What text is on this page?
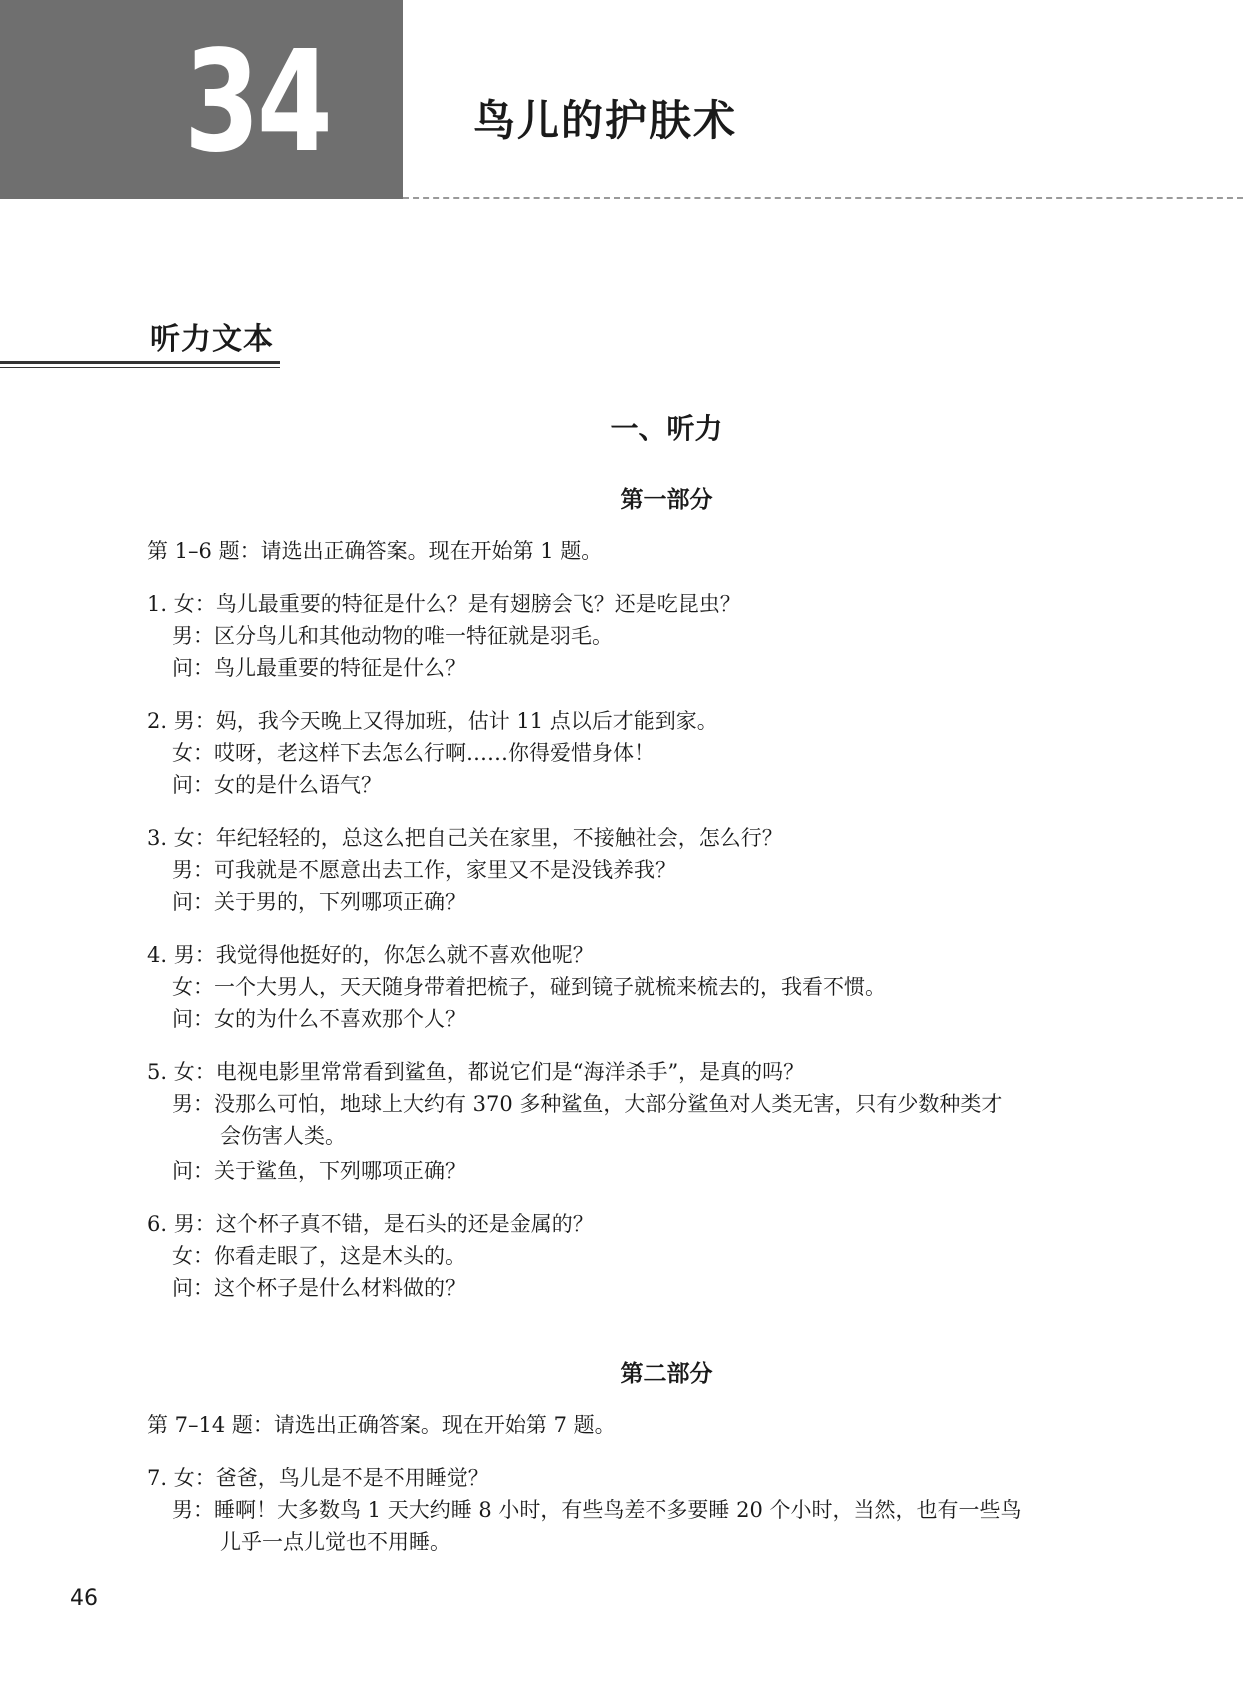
34	鸟儿的护肤术
听力文本
一、听力
第一部分
第 1–6 题：请选出正确答案。现在开始第 1 题。
1. 女：鸟儿最重要的特征是什么？是有翅膀会飞？还是吃昆虫？
男：区分鸟儿和其他动物的唯一特征就是羽毛。
问：鸟儿最重要的特征是什么？
2. 男：妈，我今天晚上又得加班，估计 11 点以后才能到家。
女：哎呀，老这样下去怎么行啊……你得爱惜身体！
问：女的是什么语气？
3. 女：年纪轻轻的，总这么把自己关在家里，不接触社会，怎么行？
男：可我就是不愿意出去工作，家里又不是没钱养我？
问：关于男的，下列哪项正确？
4. 男：我觉得他挺好的，你怎么就不喜欢他呢？
女：一个大男人，天天随身带着把梳子，碰到镜子就梳来梳去的，我看不惯。
问：女的为什么不喜欢那个人？
5. 女：电视电影里常常看到鲨鱼，都说它们是“海洋杀手”，是真的吗？
男：没那么可怕，地球上大约有 370 多种鲨鱼，大部分鲨鱼对人类无害，只有少数种类才
会伤害人类。
问：关于鲨鱼，下列哪项正确？
6. 男：这个杯子真不错，是石头的还是金属的？
女：你看走眼了，这是木头的。
问：这个杯子是什么材料做的？
第二部分
第 7–14 题：请选出正确答案。现在开始第 7 题。
7. 女：爸爸，鸟儿是不是不用睡觉？
男：睡啊！大多数鸟 1 天大约睡 8 小时，有些鸟差不多要睡 20 个小时，当然，也有一些鸟
儿乎一点儿觉也不用睡。
46
